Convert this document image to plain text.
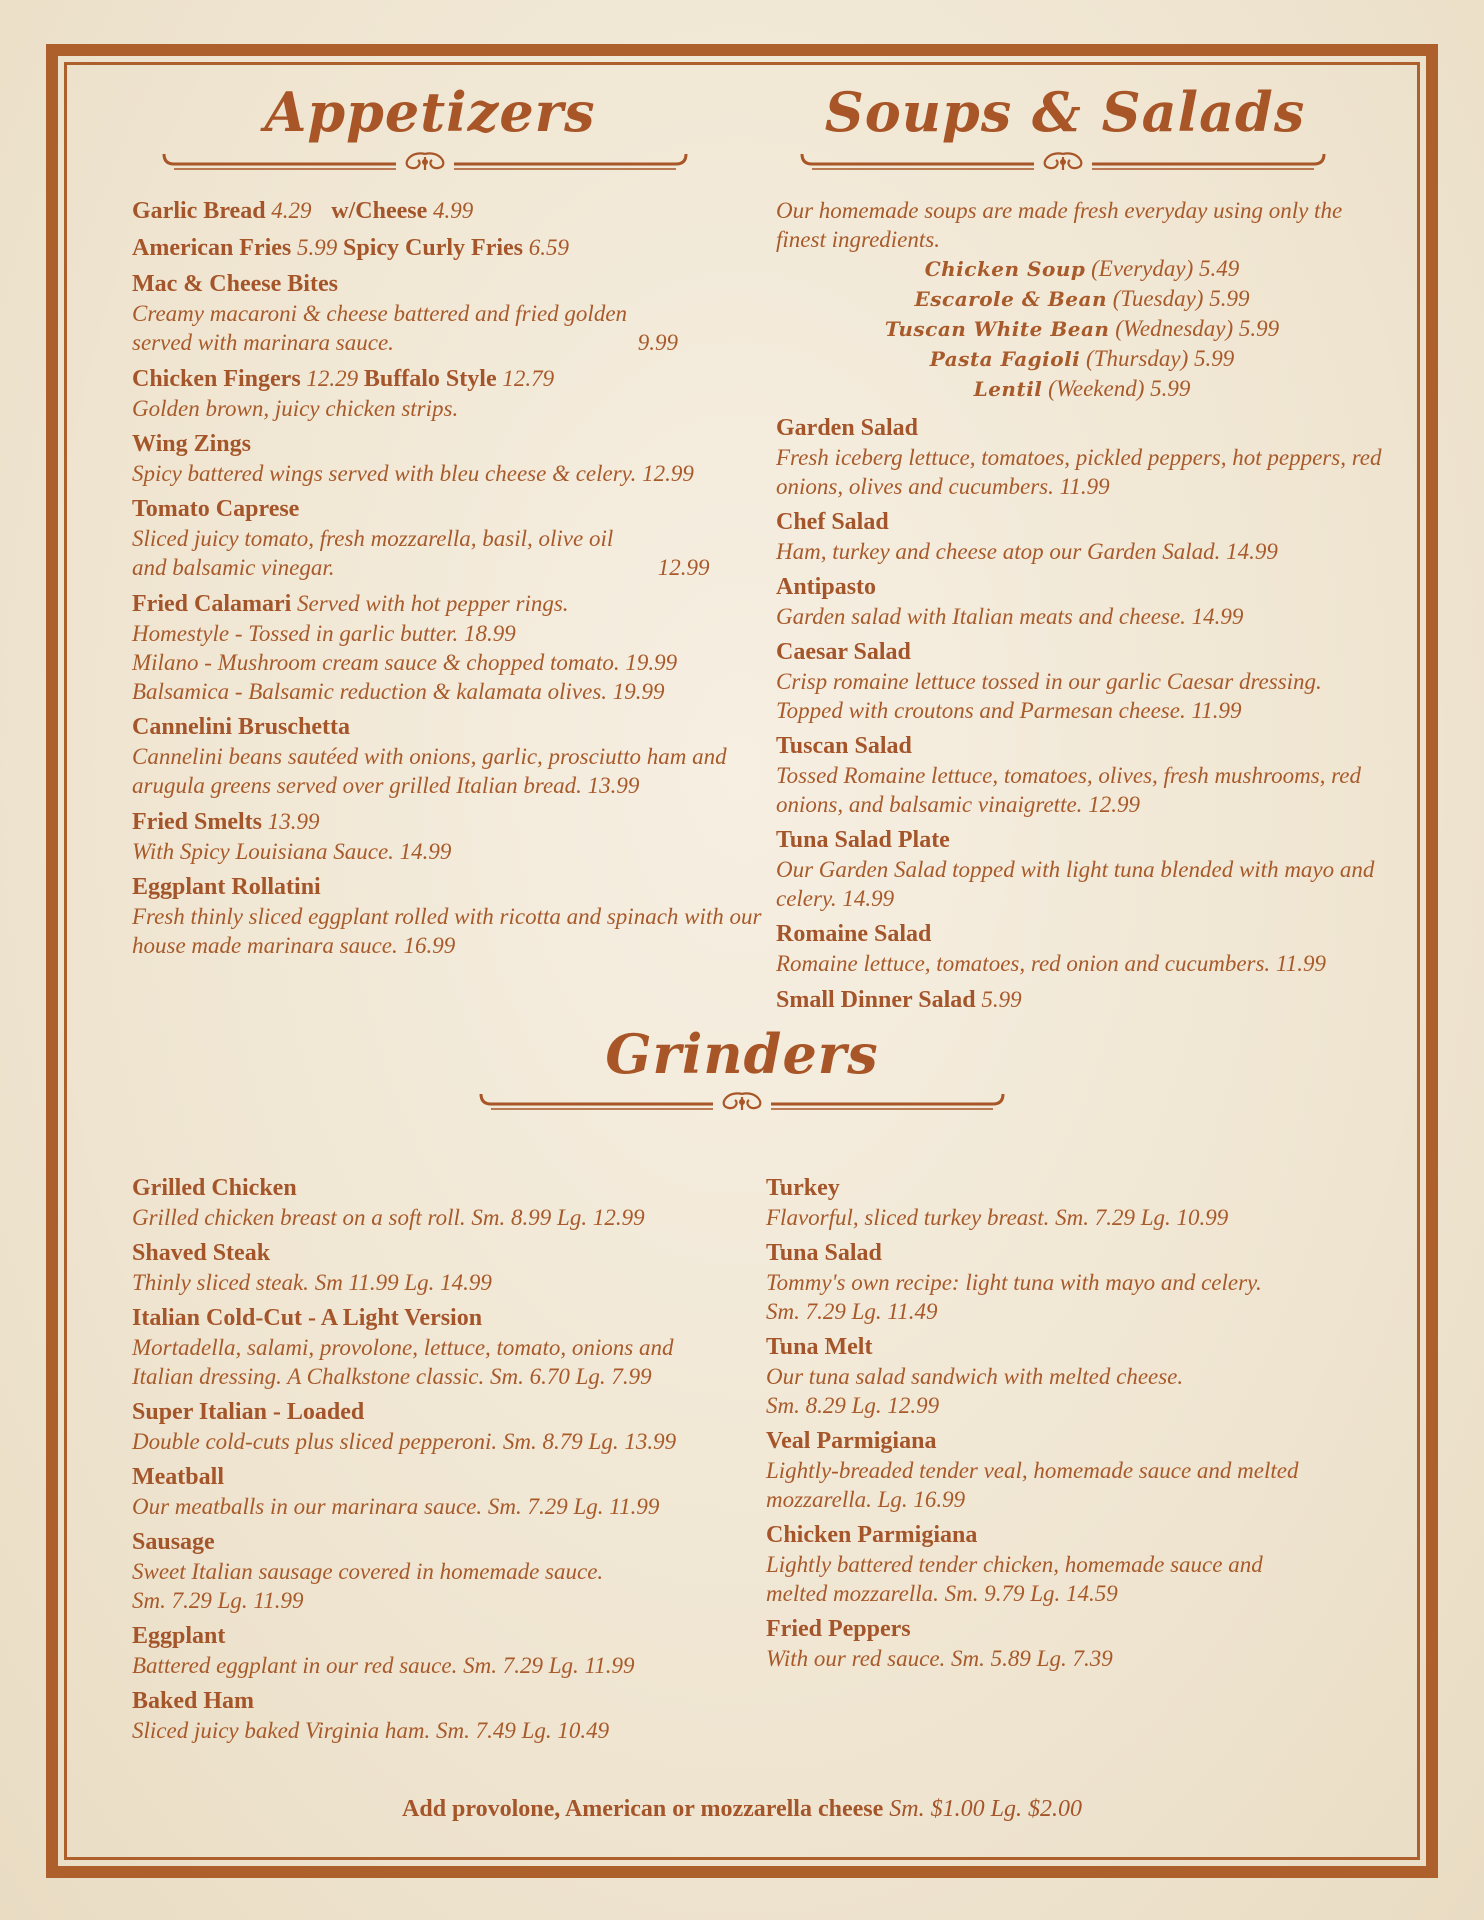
Appetizers	Soups & Salads
Garlic Bread 4.29 w/Cheese 4.99
American Fries 5.99 Spicy Curly Fries 6.59
Mac & Cheese Bites
Creamy macaroni & cheese battered and fried golden served with marinara sauce.	9.99
Chicken Fingers 12.29 Buffalo Style 12.79
Golden brown, juicy chicken strips.
Wing Zings
Spicy battered wings served with bleu cheese & celery. 12.99
Tomato Caprese
Sliced juicy tomato, fresh mozzarella, basil, olive oil and balsamic vinegar.	12.99
Fried Calamari Served with hot pepper rings.
Homestyle - Tossed in garlic butter. 18.99
Milano - Mushroom cream sauce & chopped tomato. 19.99
Balsamica - Balsamic reduction & kalamata olives. 19.99
Cannelini Bruschetta
Cannelini beans sautéed with onions, garlic, prosciutto ham and arugula greens served over grilled Italian bread. 13.99
Fried Smelts 13.99
With Spicy Louisiana Sauce. 14.99
Eggplant Rollatini
Fresh thinly sliced eggplant rolled with ricotta and spinach with our house made marinara sauce. 16.99
Our homemade soups are made fresh everyday using only the finest ingredients.
Chicken Soup (Everyday) 5.49
Escarole & Bean (Tuesday) 5.99
Tuscan White Bean (Wednesday) 5.99
Pasta Fagioli (Thursday) 5.99
Lentil (Weekend) 5.99
Garden Salad
Fresh iceberg lettuce, tomatoes, pickled peppers, hot peppers, red onions, olives and cucumbers. 11.99
Chef Salad
Ham, turkey and cheese atop our Garden Salad. 14.99
Antipasto
Garden salad with Italian meats and cheese. 14.99
Caesar Salad
Crisp romaine lettuce tossed in our garlic Caesar dressing. Topped with croutons and Parmesan cheese. 11.99
Tuscan Salad
Tossed Romaine lettuce, tomatoes, olives, fresh mushrooms, red onions, and balsamic vinaigrette. 12.99
Tuna Salad Plate
Our Garden Salad topped with light tuna blended with mayo and celery. 14.99
Romaine Salad
Romaine lettuce, tomatoes, red onion and cucumbers. 11.99
Small Dinner Salad 5.99
Grinders
Grilled Chicken
Grilled chicken breast on a soft roll. Sm. 8.99 Lg. 12.99
Shaved Steak
Thinly sliced steak. Sm 11.99 Lg. 14.99
Italian Cold-Cut - A Light Version
Mortadella, salami, provolone, lettuce, tomato, onions and Italian dressing. A Chalkstone classic. Sm. 6.70 Lg. 7.99
Super Italian - Loaded
Double cold-cuts plus sliced pepperoni. Sm. 8.79 Lg. 13.99
Meatball
Our meatballs in our marinara sauce. Sm. 7.29 Lg. 11.99
Sausage
Sweet Italian sausage covered in homemade sauce.
Sm. 7.29 Lg. 11.99
Eggplant
Battered eggplant in our red sauce. Sm. 7.29 Lg. 11.99
Baked Ham
Sliced juicy baked Virginia ham. Sm. 7.49 Lg. 10.49
Turkey
Flavorful, sliced turkey breast. Sm. 7.29 Lg. 10.99
Tuna Salad
Tommy's own recipe: light tuna with mayo and celery.
Sm. 7.29 Lg. 11.49
Tuna Melt
Our tuna salad sandwich with melted cheese.
Sm. 8.29 Lg. 12.99
Veal Parmigiana
Lightly-breaded tender veal, homemade sauce and melted mozzarella. Lg. 16.99
Chicken Parmigiana
Lightly battered tender chicken, homemade sauce and melted mozzarella. Sm. 9.79 Lg. 14.59
Fried Peppers
With our red sauce. Sm. 5.89 Lg. 7.39
Add provolone, American or mozzarella cheese Sm. $1.00 Lg. $2.00
